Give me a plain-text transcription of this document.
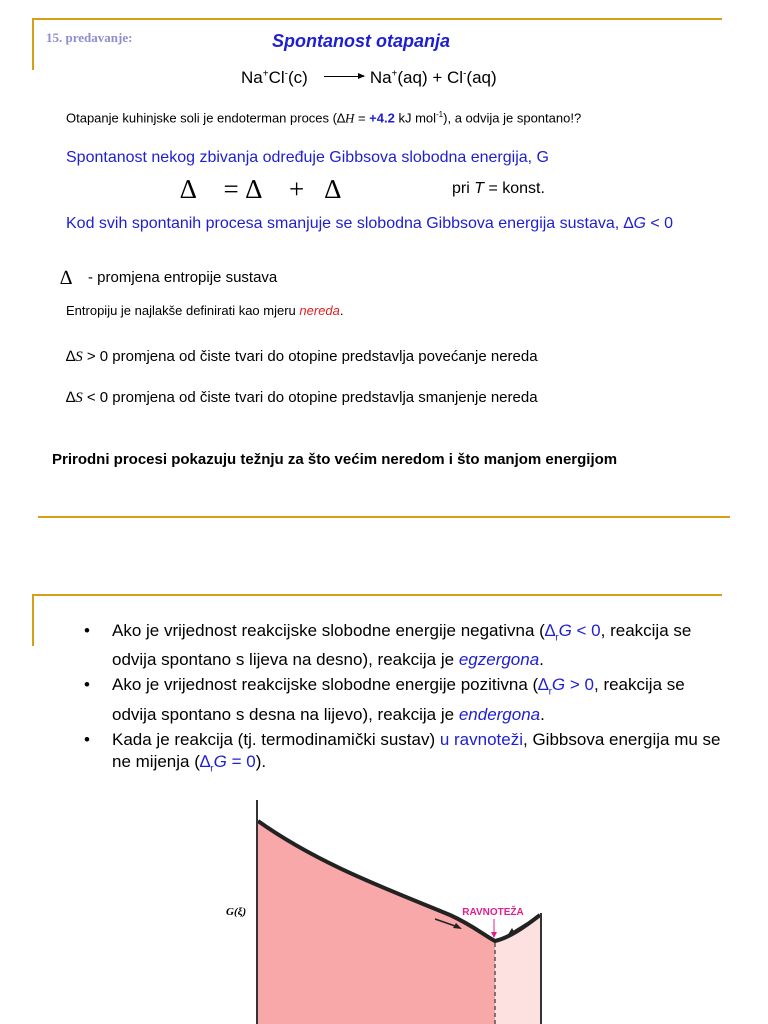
15. predavanje:	Spontanost otapanja
Na+Cl-(c) → Na+(aq) + Cl-(aq)
Otapanje kuhinjske soli je endoterman proces (∆H = +4.2 kJ mol$^{-1}$), a odvija je spontano!?
Spontanost nekog zbivanja određuje Gibbsova slobodna energija, G
∆    = ∆    +   ∆	pri T = konst.
Kod svih spontanih procesa smanjuje se slobodna Gibbsova energija sustava, ∆G < 0
∆ - promjena entropije sustava
Entropiju je najlakše definirati kao mjeru nereda.
∆S > 0 promjena od čiste tvari do otopine predstavlja povećanje nereda
∆S < 0 promjena od čiste tvari do otopine predstavlja smanjenje nereda
Prirodni procesi pokazuju težnju za što većim neredom i što manjom energijom
• Ako je vrijednost reakcijske slobodne energije negativna ($\Delta_rG < 0$, reakcija se odvija spontano s lijeva na desno), reakcija je egzergona.
• Ako je vrijednost reakcijske slobodne energije pozitivna ($\Delta_rG > 0$, reakcija se odvija spontano s desna na lijevo), reakcija je endergona.
• Kada je reakcija (tj. termodinamički sustav) u ravnoteži, Gibbsova energija mu se ne mijenja $(\Delta_rG = 0)$.
G(ξ)	RAVNOTEŽA
